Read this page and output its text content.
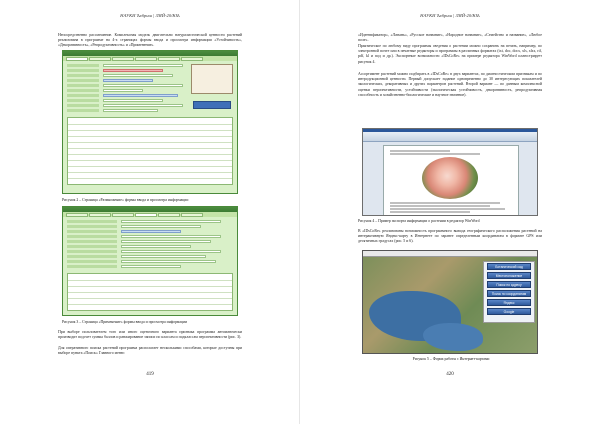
НАУКИ Ъхбриш | ЛЯЙ-20/ЮЬ
Непосредственно рассмешение. Комплексная модель двигательно натуралистической ценности растений реализована в программе на 4-х страницах формы ввода и просмотра информации «Устойчивость», «Декоративность», «Репродуктивность» и «Применение».
Рисунок 2 – Страница «Размножение» формы ввода и просмотра информации
Рисунок 3 – Страница «Применение» формы ввода и просмотра информации
При выборе пользователем того или иного оценочного варианта признака программа автоматически производит подсчет суммы баллов и ранжирование записи по классам и подклассам перспективности (рис. 3).
Для оперативного поиска растений программа располагает несколькими способами, которые доступны при выборе пункта «Поиск» Главного меню:
419
НАУКИ Ъхбриш | ЛЯЙ-20/ЮЬ
«Идентификатор», «Латынь», «Русское название», «Народное название», «Семейство и название», «Любое поле».
Практическое по любому виду программы сведения о растении можно сохранить на печать, например, по электронной почте или в печатные редакторы и программы в различных форматах (txt, doc, docx, xls, xlsx, rtf, pdf, kl и под и др.). Экспортные возможности «IDsCoRe» на примере редактора WinWord иллюстрирует рисунок 4.
Ассортимент растений можно подбирать в «IDsCoRe» в двух вариантах, по диагностическим признакам и по интродукционной ценности. Первый допускает задание одновременно до 30 интересующих показателей экологических, декоративных и других параметров растений. Второй вариант — по данным комплексной оценки перспективности, устойчивости (экологическая устойчивость, декоративность, репродуктивная способность и хозяйственно-биологические и научное значение).
Рисунок 4 – Пример экспорта информации о растении в редактор WinWord
В «IDsCoRe» реализованы возможность программного вывода географического расположения растений на интерактивную Яндекс-карту в Интернете по заранее определенным координатам в формате GPS или десятичных градусах (рис. 5 и 6).
Ботанический сад
Местоположение
Поиск по адресу
Поиск по координатам
Яндекс
Google
Рисунок 5 – Форма работы с Интернет-картами
420
